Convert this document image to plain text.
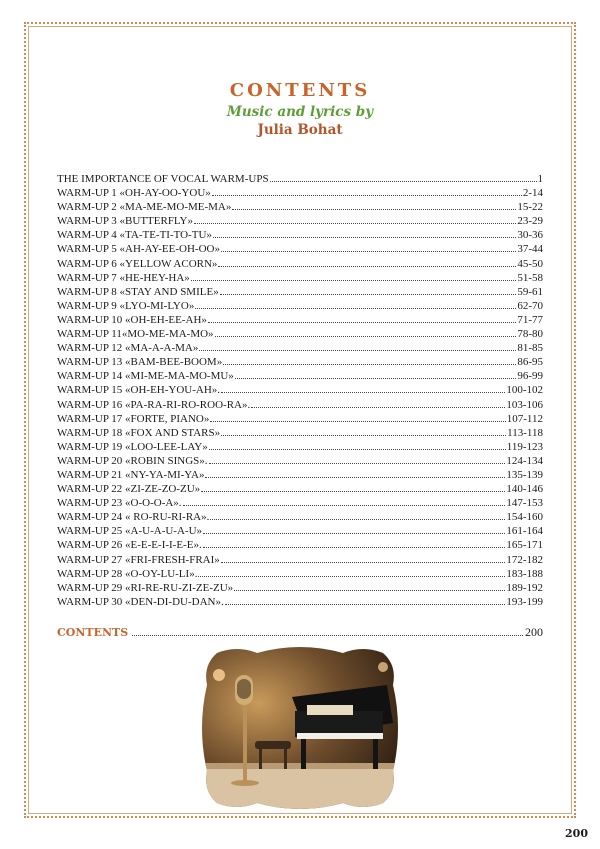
CONTENTS
Music and lyrics by
Julia Bohat
THE IMPORTANCE OF VOCAL WARM-UPS	1
WARM-UP 1 «OH-AY-OO-YOU»	2-14
WARM-UP 2 «MA-ME-MO-ME-MA»	15-22
WARM-UP 3 «BUTTERFLY»	23-29
WARM-UP 4 «TA-TE-TI-TO-TU»	30-36
WARM-UP 5 «AH-AY-EE-OH-OO»	37-44
WARM-UP 6 «YELLOW ACORN»	45-50
WARM-UP 7 «HE-HEY-HA»	51-58
WARM-UP 8 «STAY AND SMILE»	59-61
WARM-UP 9 «LYO-MI-LYO»	62-70
WARM-UP 10 «OH-EH-EE-AH»	71-77
WARM-UP 11«MO-ME-MA-MO»	78-80
WARM-UP 12 «MA-A-A-MA»	81-85
WARM-UP 13 «BAM-BEE-BOOM»	86-95
WARM-UP 14 «MI-ME-MA-MO-MU»	96-99
WARM-UP 15 «OH-EH-YOU-AH».	100-102
WARM-UP 16 «PA-RA-RI-RO-ROO-RA».	103-106
WARM-UP 17 «FORTE, PIANO»	107-112
WARM-UP 18 «FOX AND STARS»	113-118
WARM-UP 19 «LOO-LEE-LAY»	119-123
WARM-UP 20 «ROBIN SINGS».	124-134
WARM-UP 21 «NY-YA-MI-YA»	135-139
WARM-UP 22 «ZI-ZE-ZO-ZU»	140-146
WARM-UP 23 «O-O-O-A».	147-153
WARM-UP 24 « RO-RU-RI-RA».	154-160
WARM-UP 25 «A-U-A-U-A-U»	161-164
WARM-UP 26 «E-E-E-I-I-E-E».	165-171
WARM-UP 27 «FRI-FRESH-FRAI»	172-182
WARM-UP 28 «O-OY-LU-LI».	183-188
WARM-UP 29 «RI-RE-RU-ZI-ZE-ZU»	189-192
WARM-UP 30 «DEN-DI-DU-DAN».	193-199
CONTENTS	200
200
